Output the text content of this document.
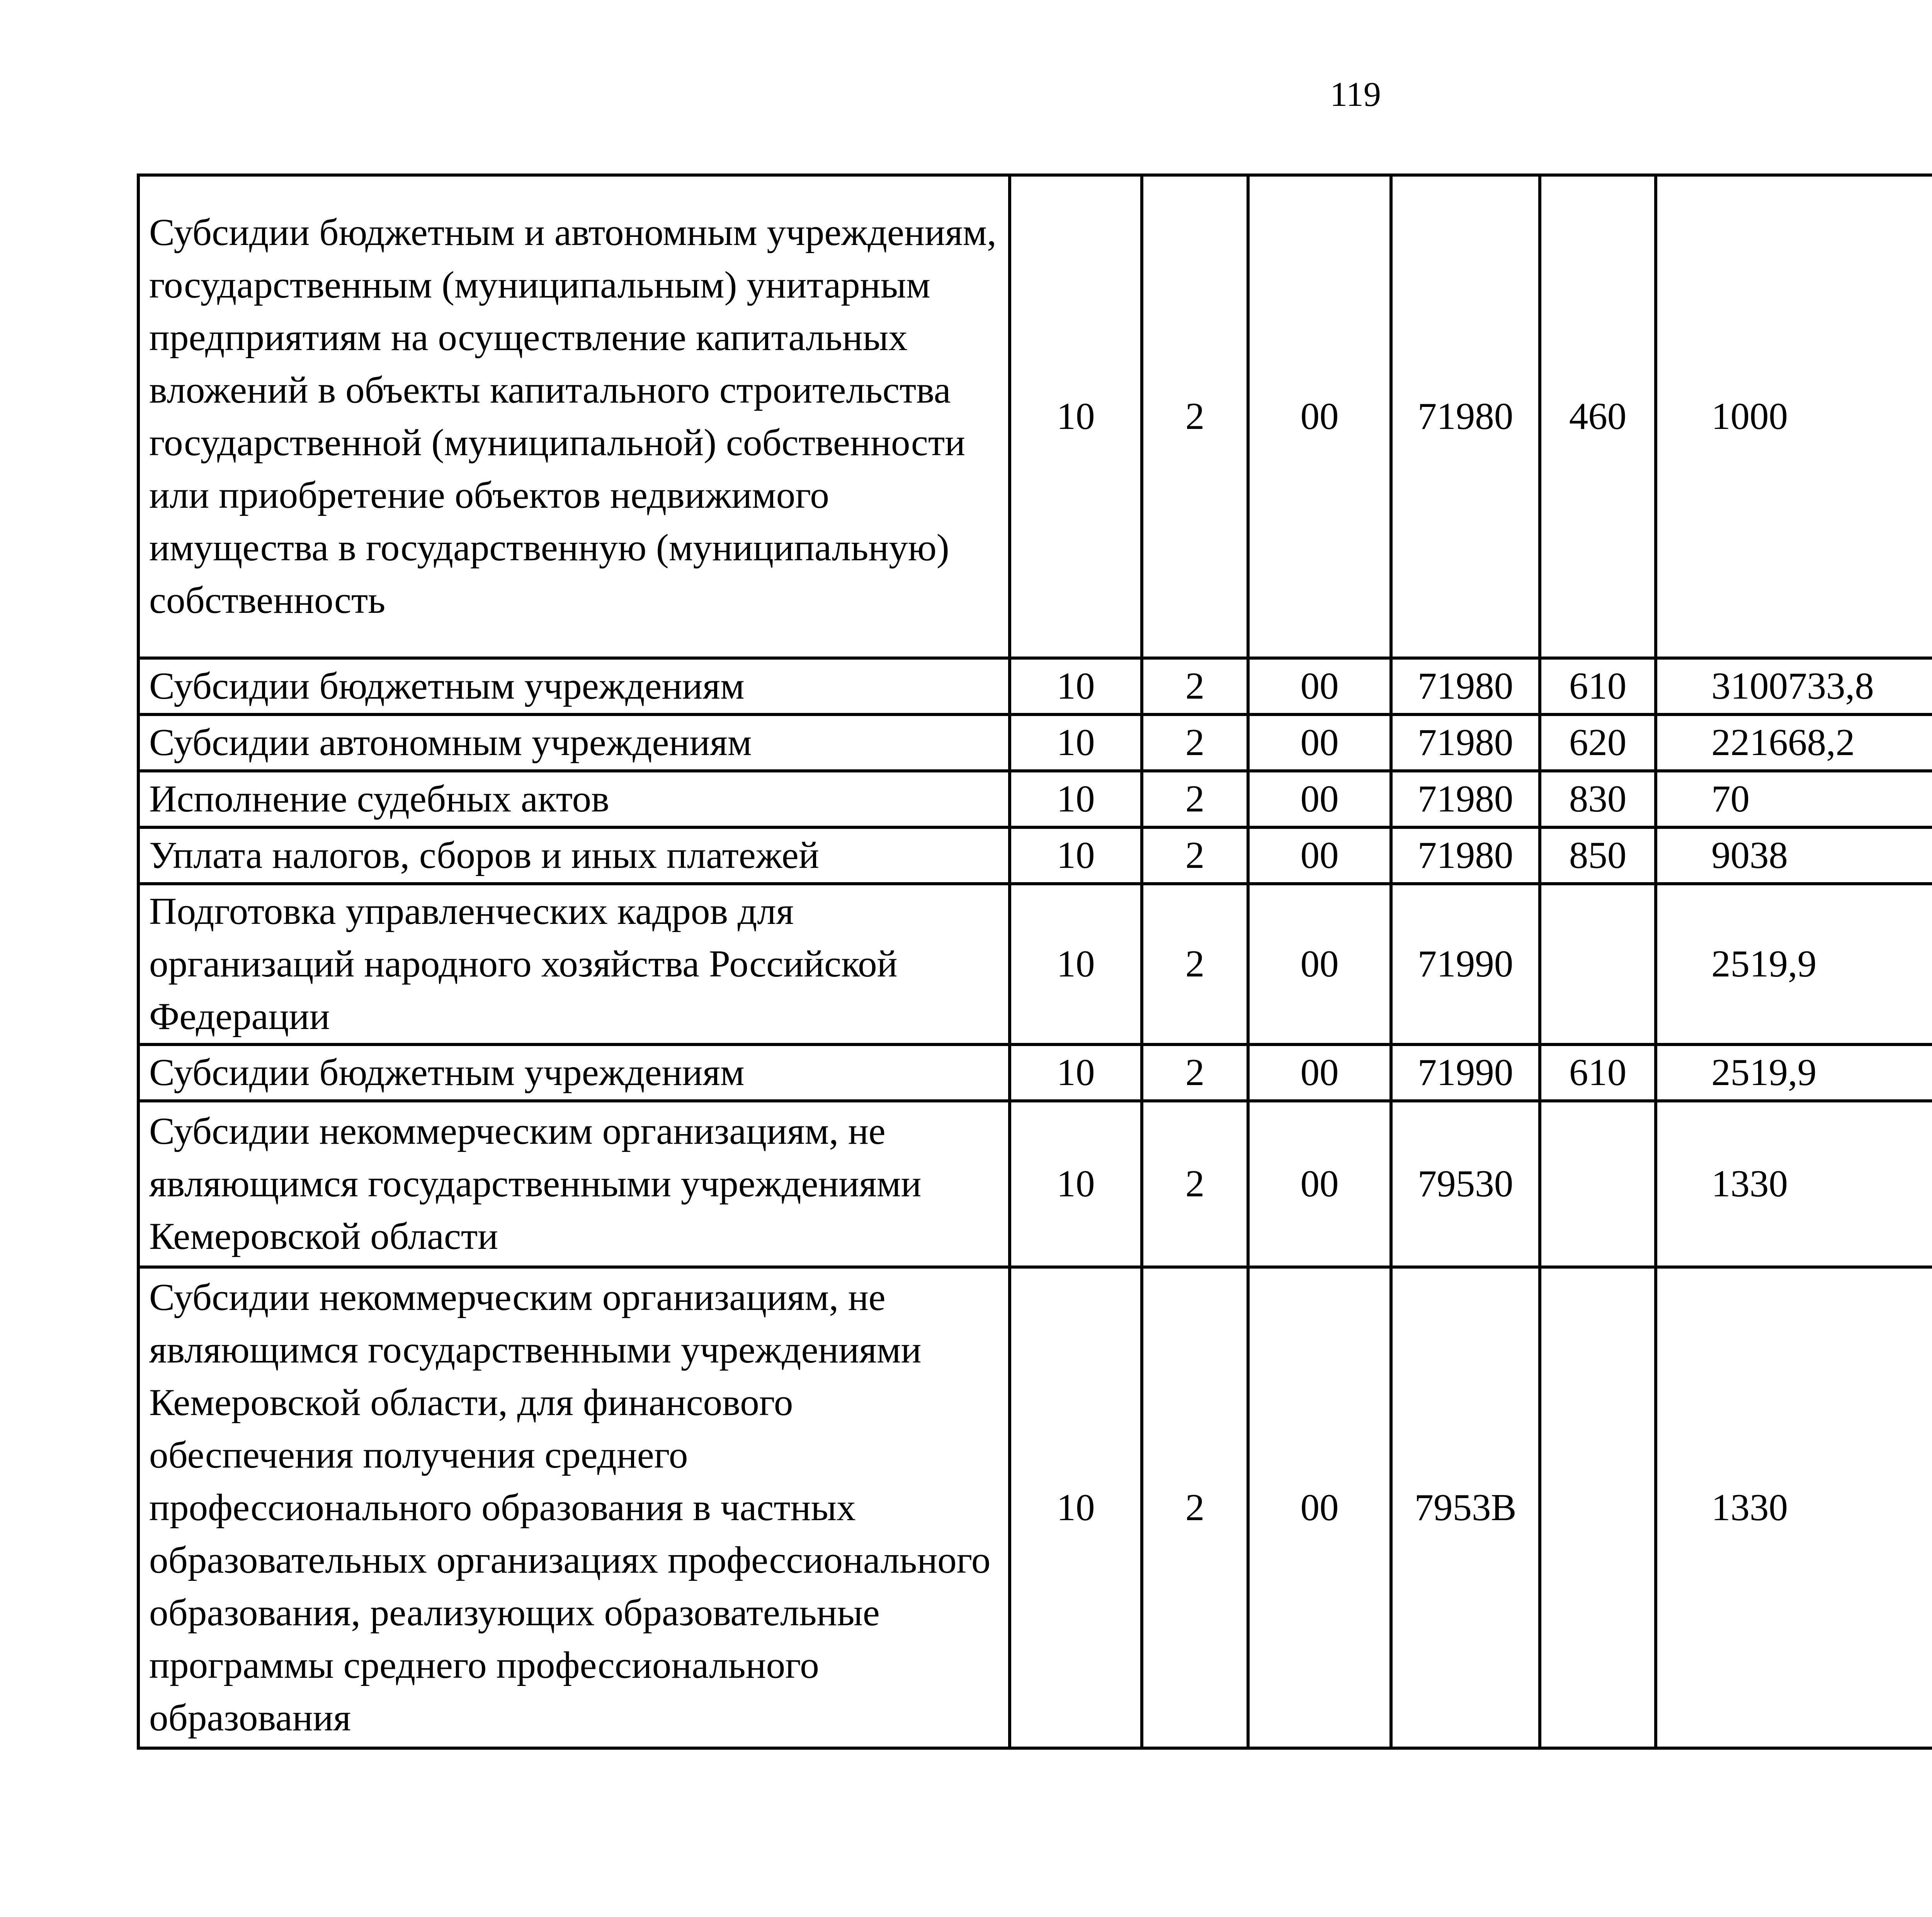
119
Субсидии бюджетным и автономным учреждениям, государственным (муниципальным) унитарным предприятиям на осуществление капитальных вложений в объекты капитального строительства государственной (муниципальной) собственности или приобретение объектов недвижимого имущества в государственную (муниципальную) собственность	10	2	00	71980	460	1000		
Субсидии бюджетным учреждениям	10	2	00	71980	610	3100733,8		
Субсидии автономным учреждениям	10	2	00	71980	620	221668,2		
Исполнение судебных актов	10	2	00	71980	830	70		
Уплата налогов, сборов и иных платежей	10	2	00	71980	850	9038		
Подготовка управленческих кадров для организаций народного хозяйства Российской Федерации	10	2	00	71990		2519,9		
Субсидии бюджетным учреждениям	10	2	00	71990	610	2519,9		
Субсидии некоммерческим организациям, не являющимся государственными учреждениями Кемеровской области	10	2	00	79530		1330		
Субсидии некоммерческим организациям, не являющимся государственными учреждениями Кемеровской области, для финансового обеспечения получения среднего профессионального образования в частных образовательных организациях профессионального образования, реализующих образовательные программы среднего профессионального образования	10	2	00	7953В		1330		
